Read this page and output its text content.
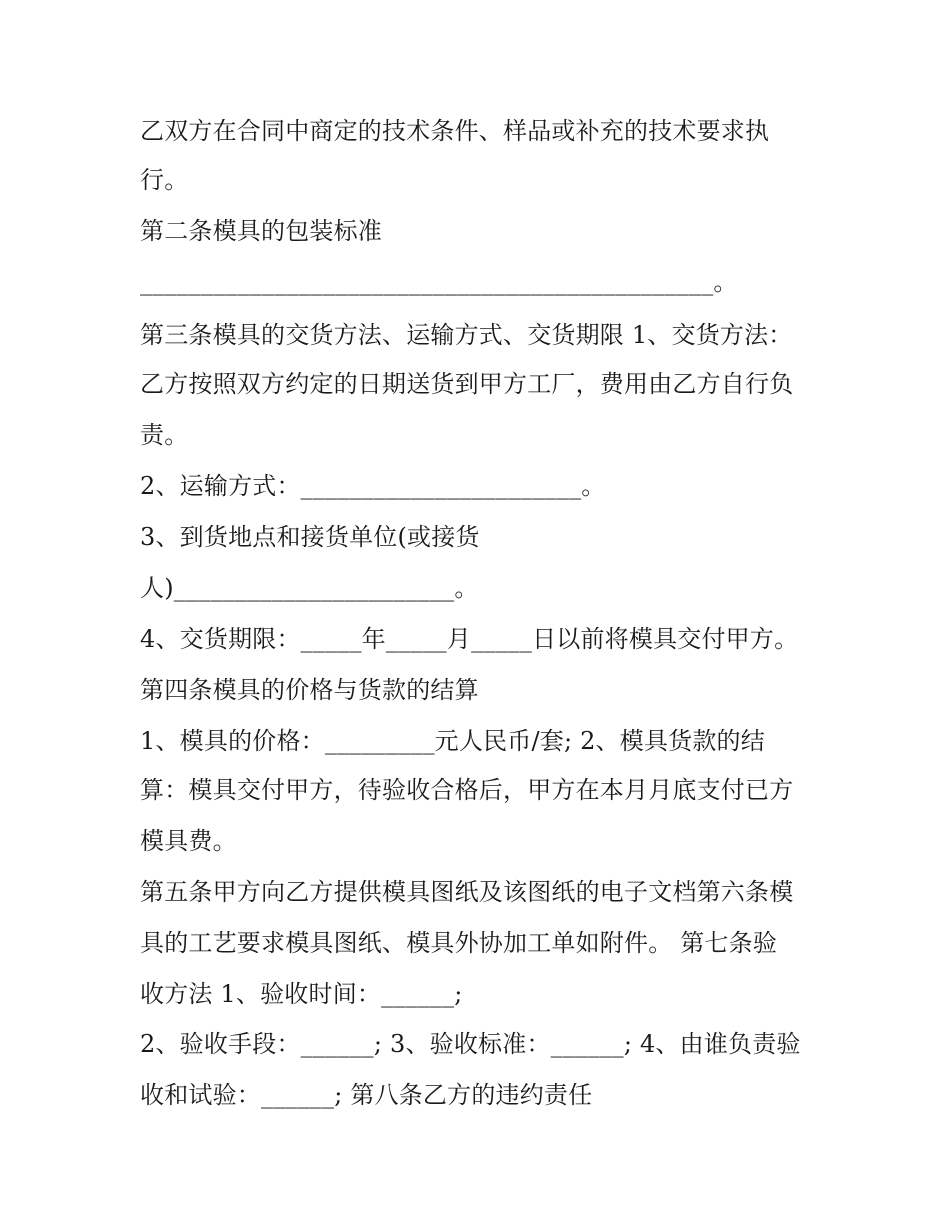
乙双方在合同中商定的技术条件、样品或补充的技术要求执
行。
第二条模具的包装标准
_______________________________________________。
第三条模具的交货方法、运输方式、交货期限 1、交货方法：
乙方按照双方约定的日期送货到甲方工厂，费用由乙方自行负
责。
2、运输方式：_______________________。
3、到货地点和接货单位(或接货
人)_______________________。
4、交货期限：_____年_____月_____日以前将模具交付甲方。
第四条模具的价格与货款的结算
1、模具的价格：_________元人民币/套; 2、模具货款的结
算：模具交付甲方，待验收合格后，甲方在本月月底支付已方
模具费。
第五条甲方向乙方提供模具图纸及该图纸的电子文档第六条模
具的工艺要求模具图纸、模具外协加工单如附件。 第七条验
收方法 1、验收时间：______;
2、验收手段：______; 3、验收标准：______; 4、由谁负责验
收和试验：______; 第八条乙方的违约责任
